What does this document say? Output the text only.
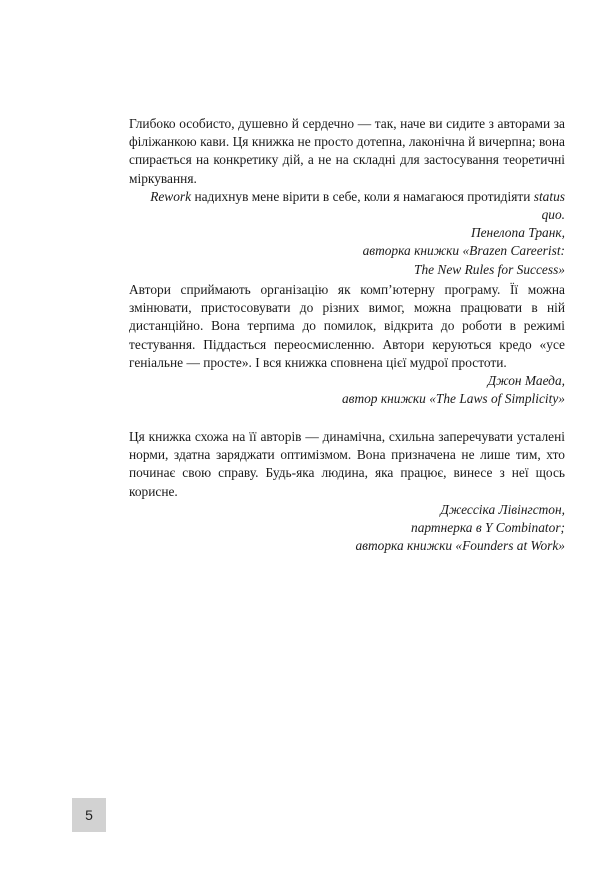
Глибоко особисто, душевно й сердечно — так, наче ви сидите з авторами за філіжанкою кави. Ця книжка не просто дотепна, лаконічна й вичерпна; вона спирається на конкретику дій, а не на складні для застосування теоретичні міркування.

Rework надихнув мене вірити в себе, коли я намагаюся протидіяти status quo.

Пенелопа Транк,
авторка книжки «Brazen Careerist:
The New Rules for Success»

Автори сприймають організацію як комп’ютерну програму. Її можна змінювати, пристосовувати до різних вимог, можна працювати в ній дистанційно. Вона терпима до помилок, відкрита до роботи в режимі тестування. Піддасться переосмисленню. Автори керуються кредо «усе геніальне — просте». І вся книжка сповнена цієї мудрої простоти.

Джон Маеда,
автор книжки «The Laws of Simplicity»

Ця книжка схожа на її авторів — динамічна, схильна заперечувати усталені норми, здатна заряджати оптимізмом. Вона призначена не лише тим, хто починає свою справу. Будь-яка людина, яка працює, винесе з неї щось корисне.

Джессіка Лівінгстон,
партнерка в Y Combinator;
авторка книжки «Founders at Work»

5
